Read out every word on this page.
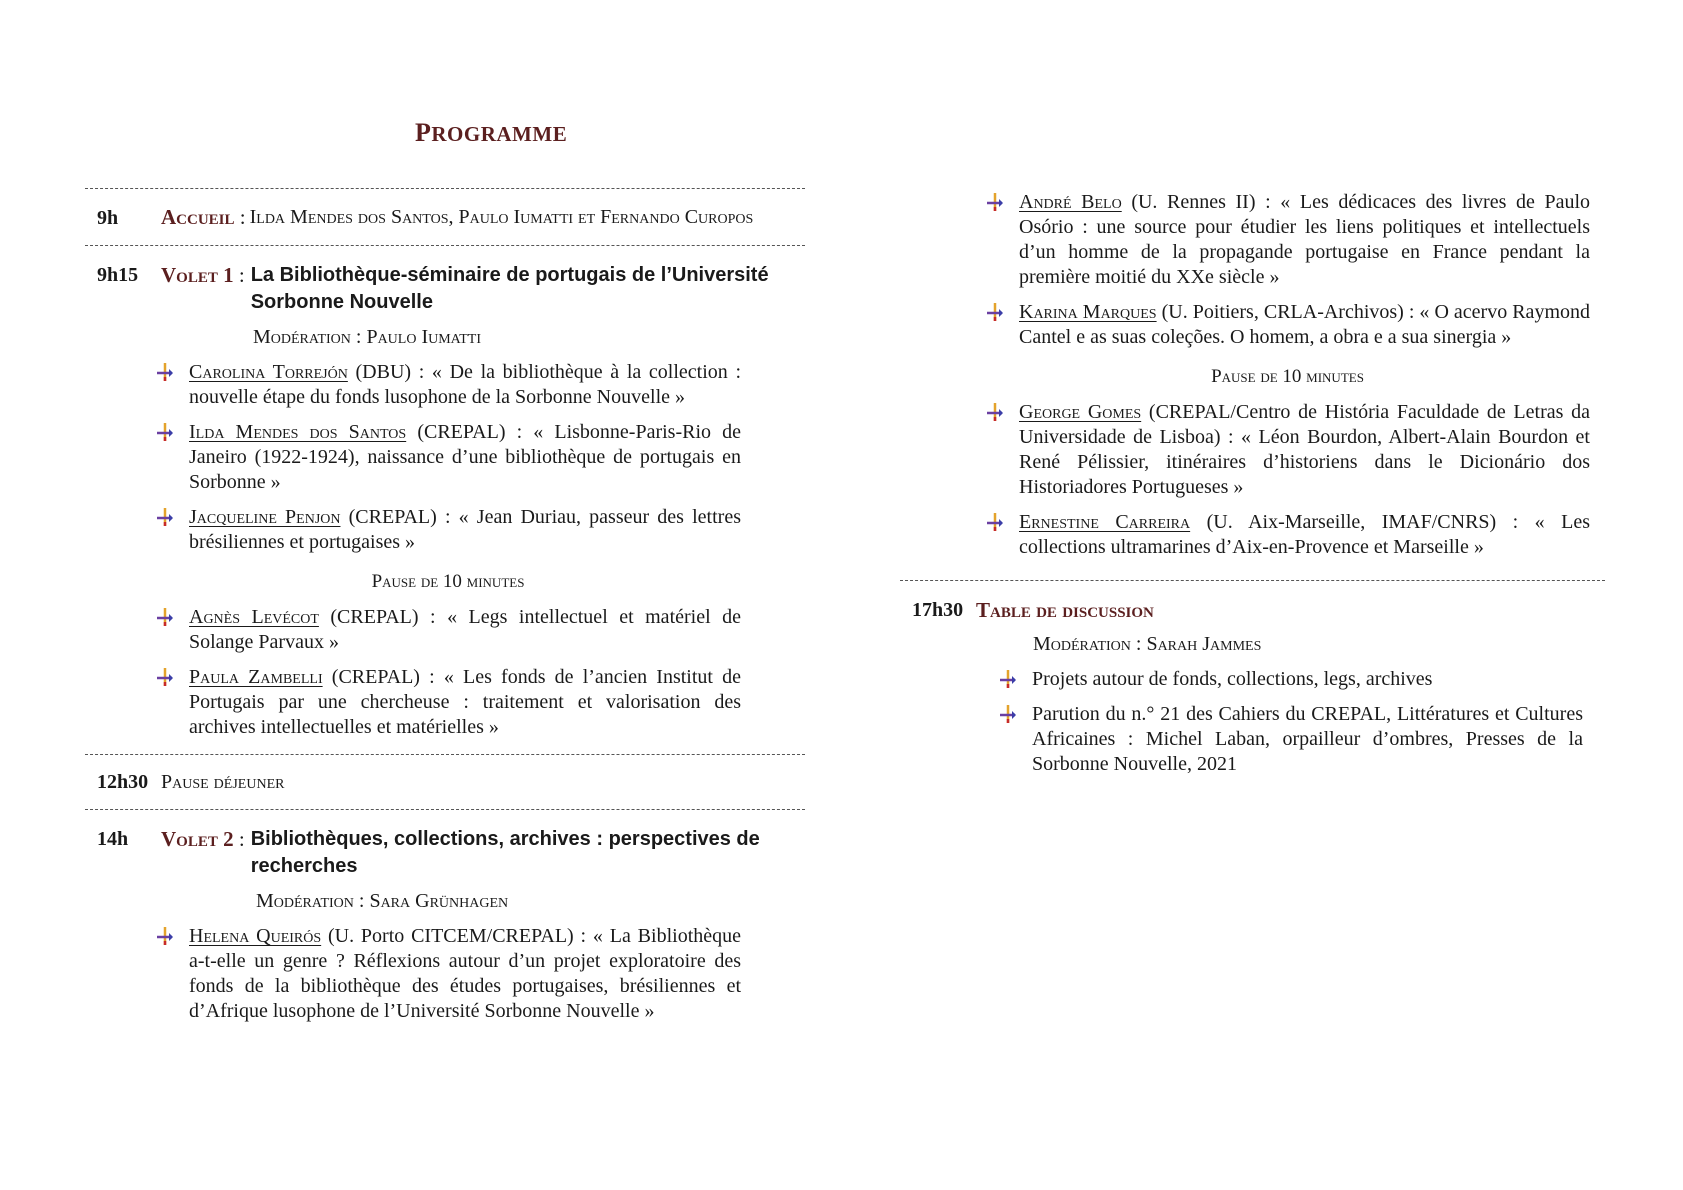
PROGRAMME
9h	Accueil : Ilda Mendes dos Santos, Paulo Iumatti et Fernando Curopos
9h15	Volet 1 : La Bibliothèque-séminaire de portugais de l’Université Sorbonne Nouvelle
Modération : Paulo Iumatti
Carolina Torrejón (DBU) : « De la bibliothèque à la collection : nouvelle étape du fonds lusophone de la Sorbonne Nouvelle »
Ilda Mendes dos Santos (CREPAL) : « Lisbonne-Paris-Rio de Janeiro (1922-1924), naissance d’une bibliothèque de portugais en Sorbonne »
Jacqueline Penjon (CREPAL) : « Jean Duriau, passeur des lettres brésiliennes et portugaises »
Pause de 10 minutes
Agnès Levécot (CREPAL) : « Legs intellectuel et matériel de Solange Parvaux »
Paula Zambelli (CREPAL) : « Les fonds de l’ancien Institut de Portugais par une chercheuse : traitement et valorisation des archives intellectuelles et matérielles »
12h30 Pause déjeuner
14h	Volet 2 : Bibliothèques, collections, archives : perspectives de recherches
Modération : Sara Grünhagen
Helena Queirós (U. Porto CITCEM/CREPAL) : « La Bibliothèque a-t-elle un genre ? Réflexions autour d’un projet exploratoire des fonds de la bibliothèque des études portugaises, brésiliennes et d’Afrique lusophone de l’Université Sorbonne Nouvelle »
André Belo (U. Rennes II) : « Les dédicaces des livres de Paulo Osório : une source pour étudier les liens politiques et intellectuels d’un homme de la propagande portugaise en France pendant la première moitié du XXe siècle »
Karina Marques (U. Poitiers, CRLA-Archivos) : « O acervo Raymond Cantel e as suas coleções. O homem, a obra e a sua sinergia »
Pause de 10 minutes
George Gomes (CREPAL/Centro de História Faculdade de Letras da Universidade de Lisboa) : « Léon Bourdon, Albert-Alain Bourdon et René Pélissier, itinéraires d’historiens dans le Dicionário dos Historiadores Portugueses »
Ernestine Carreira (U. Aix-Marseille, IMAF/CNRS) : « Les collections ultramarines d’Aix-en-Provence et Marseille »
17h30 Table de discussion
Modération : Sarah Jammes
Projets autour de fonds, collections, legs, archives
Parution du n.° 21 des Cahiers du CREPAL, Littératures et Cultures Africaines : Michel Laban, orpailleur d’ombres, Presses de la Sorbonne Nouvelle, 2021
